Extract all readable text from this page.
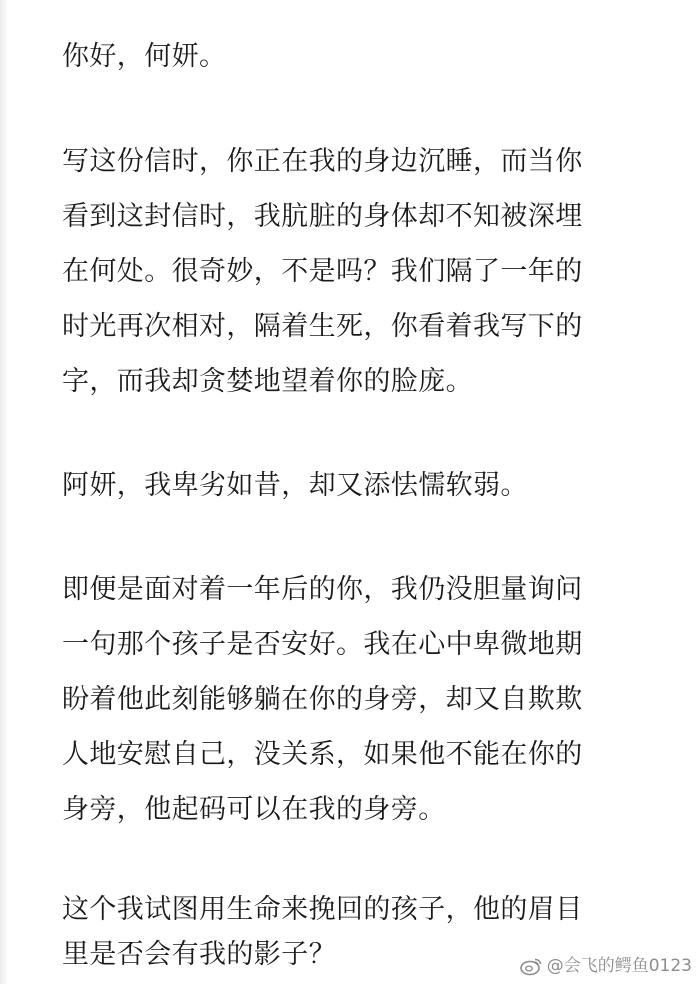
你好，何妍。
写这份信时，你正在我的身边沉睡，而当你
看到这封信时，我肮脏的身体却不知被深埋
在何处。很奇妙，不是吗？我们隔了一年的
时光再次相对，隔着生死，你看着我写下的
字，而我却贪婪地望着你的脸庞。
阿妍，我卑劣如昔，却又添怯懦软弱。
即便是面对着一年后的你，我仍没胆量询问
一句那个孩子是否安好。我在心中卑微地期
盼着他此刻能够躺在你的身旁，却又自欺欺
人地安慰自己，没关系，如果他不能在你的
身旁，他起码可以在我的身旁。
这个我试图用生命来挽回的孩子，他的眉目
里是否会有我的影子？	@会飞的鳄鱼0123
